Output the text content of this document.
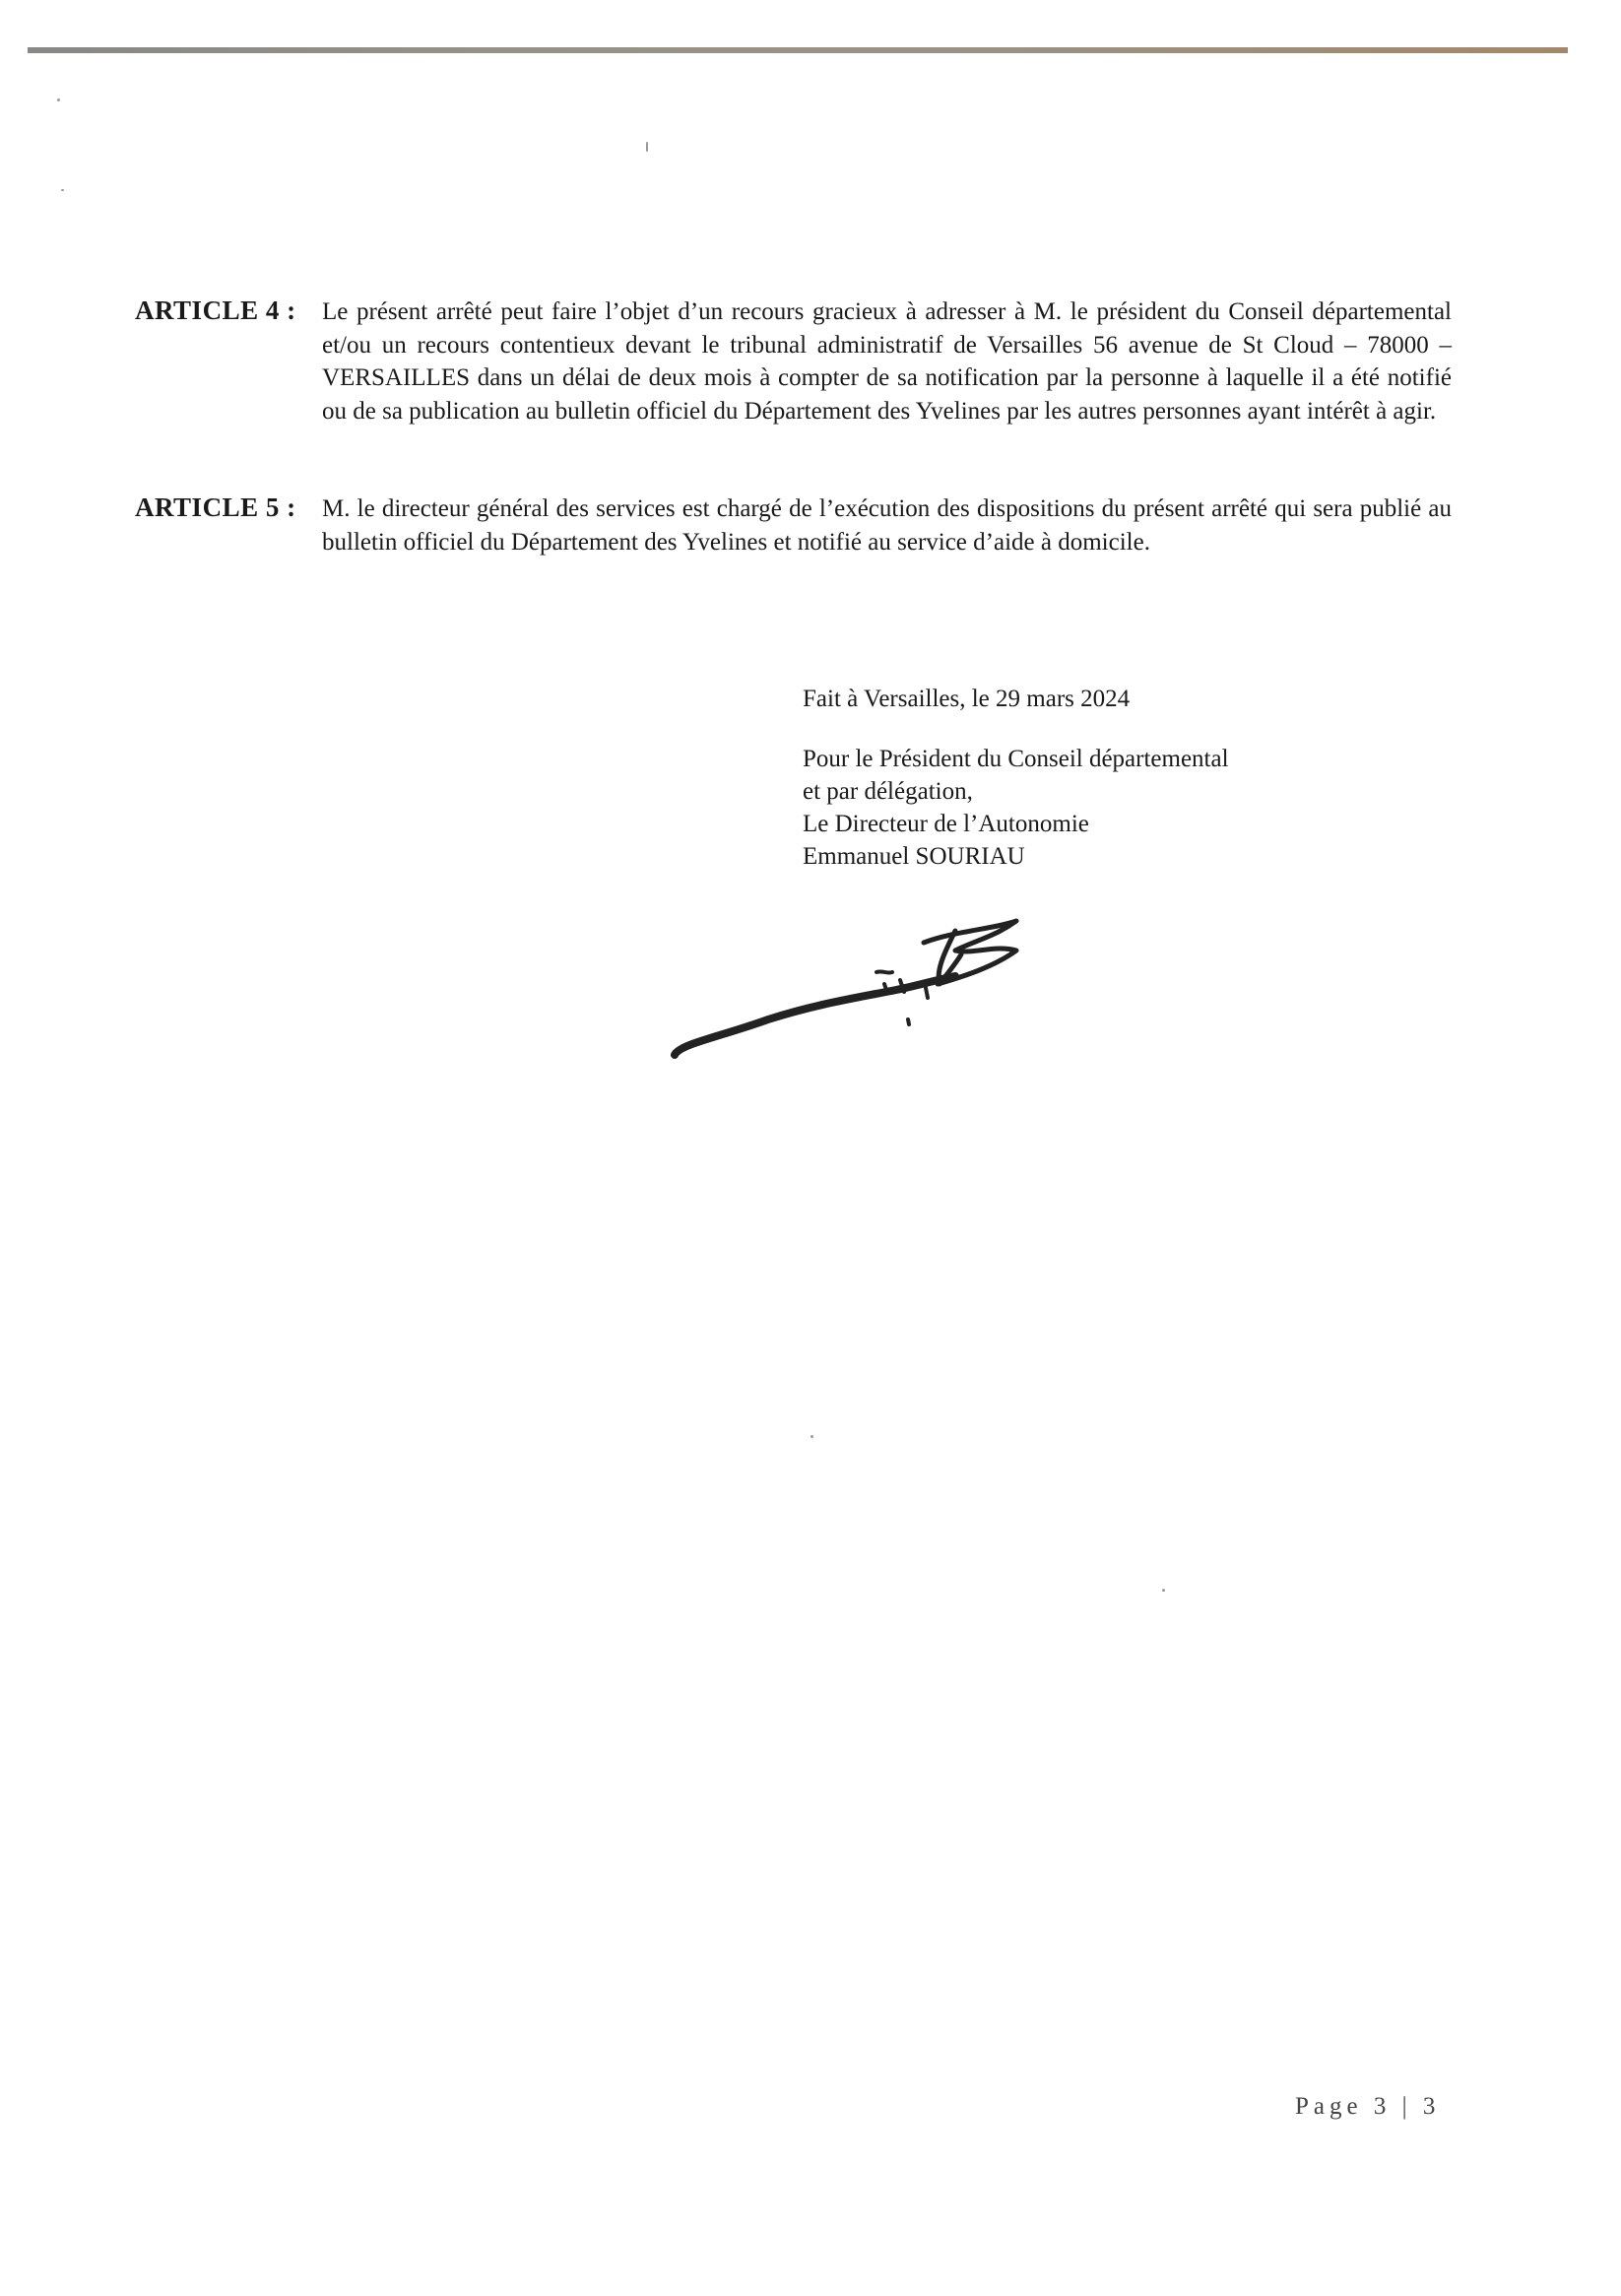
ARTICLE 4 : Le présent arrêté peut faire l’objet d’un recours gracieux à adresser à M. le président du Conseil départemental et/ou un recours contentieux devant le tribunal administratif de Versailles 56 avenue de St Cloud – 78000 – VERSAILLES dans un délai de deux mois à compter de sa notification par la personne à laquelle il a été notifié ou de sa publication au bulletin officiel du Département des Yvelines par les autres personnes ayant intérêt à agir.
ARTICLE 5 : M. le directeur général des services est chargé de l’exécution des dispositions du présent arrêté qui sera publié au bulletin officiel du Département des Yvelines et notifié au service d’aide à domicile.
Fait à Versailles, le 29 mars 2024
Pour le Président du Conseil départemental
et par délégation,
Le Directeur de l’Autonomie
Emmanuel SOURIAU
Page 3 | 3
